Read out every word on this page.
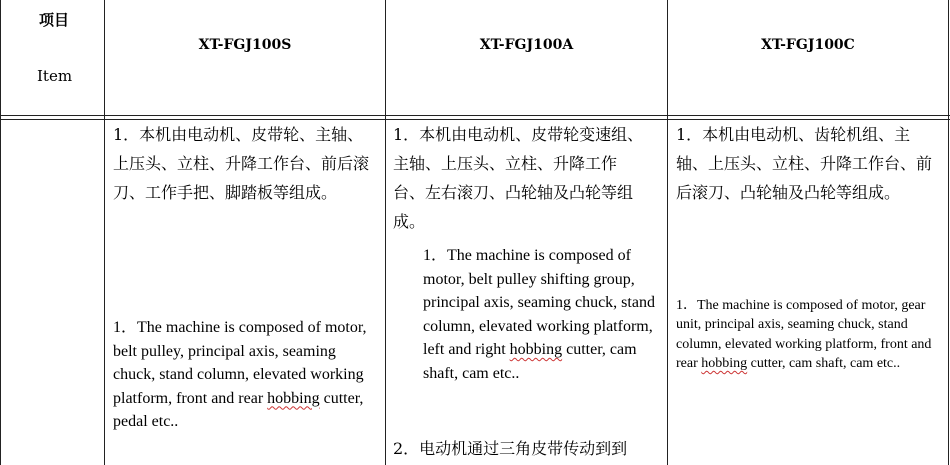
项目
Item
XT-FGJ100S	XT-FGJ100A	XT-FGJ100C

1．本机由电动机、皮带轮、主轴、上压头、立柱、升降工作台、前后滚刀、工作手把、脚踏板等组成。

1．The machine is composed of motor, belt pulley, principal axis, seaming chuck, stand column, elevated working platform, front and rear hobbing cutter, pedal etc..

1．本机由电动机、皮带轮变速组、主轴、上压头、立柱、升降工作台、左右滚刀、凸轮轴及凸轮等组成。

1．The machine is composed of motor, belt pulley shifting group, principal axis, seaming chuck, stand column, elevated working platform, left and right hobbing cutter, cam shaft, cam etc..

2．电动机通过三角皮带传动到到

1．本机由电动机、齿轮机组、主轴、上压头、立柱、升降工作台、前后滚刀、凸轮轴及凸轮等组成。

1．The machine is composed of motor, gear unit, principal axis, seaming chuck, stand column, elevated working platform, front and rear hobbing cutter, cam shaft, cam etc..
